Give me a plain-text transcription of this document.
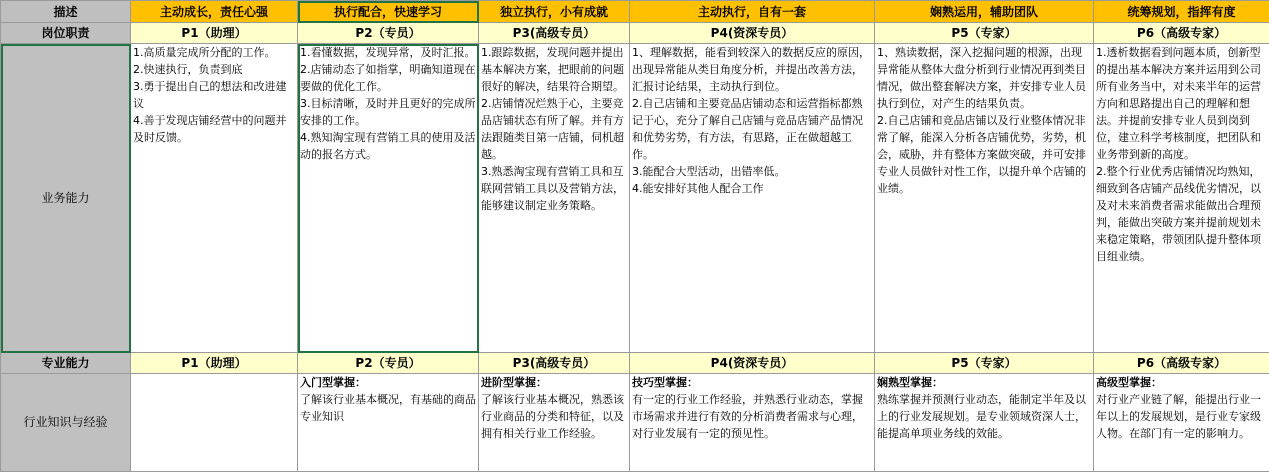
描述	主动成长，责任心强	执行配合，快速学习	独立执行，小有成就	主动执行，自有一套	娴熟运用，辅助团队	统筹规划，指挥有度
岗位职责	P1（助理）	P2（专员）	P3(高级专员）	P4(资深专员）	P5（专家）	P6（高级专家）
业务能力	1.高质量完成所分配的工作。
2.快速执行，负责到底
3.勇于提出自己的想法和改进建议
4.善于发现店铺经营中的问题并及时反馈。	1.看懂数据，发现异常，及时汇报。
2.店铺动态了如指掌，明确知道现在要做的优化工作。
3.目标清晰，及时并且更好的完成所安排的工作。
4.熟知淘宝现有营销工具的使用及活动的报名方式。	1.跟踪数据，发现问题并提出基本解决方案，把眼前的问题很好的解决，结果符合期望。
2.店铺情况烂熟于心，主要竞品店铺状态有所了解。并有方法跟随类目第一店铺，伺机超越。
3.熟悉淘宝现有营销工具和互联网营销工具以及营销方法，能够建议制定业务策略。	1、理解数据，能看到较深入的数据反应的原因，出现异常能从类目角度分析，并提出改善方法，汇报讨论结果，主动执行到位。
2.自己店铺和主要竞品店铺动态和运营指标都熟记于心，充分了解自己店铺与竞品店铺产品情况和优势劣势，有方法，有思路，正在做超越工作。
3.能配合大型活动，出错率低。
4.能安排好其他人配合工作	1、熟读数据，深入挖掘问题的根源，出现异常能从整体大盘分析到行业情况再到类目情况，做出整套解决方案，并安排专业人员执行到位，对产生的结果负责。
2.自己店铺和竞品店铺以及行业整体情况非常了解，能深入分析各店铺优势，劣势，机会，威胁，并有整体方案做突破，并可安排专业人员做针对性工作，以提升单个店铺的业绩。	1.透析数据看到问题本质，创新型的提出基本解决方案并运用到公司所有业务当中，对未来半年的运营方向和思路提出自己的理解和想法。并提前安排专业人员到岗到位，建立科学考核制度，把团队和业务带到新的高度。
2.整个行业优秀店铺情况均熟知，细致到各店铺产品线优劣情况，以及对未来消费者需求能做出合理预判，能做出突破方案并提前规划未来稳定策略，带领团队提升整体项目组业绩。

专业能力	P1（助理）	P2（专员）	P3(高级专员）	P4(资深专员）	P5（专家）	P6（高级专家）
行业知识与经验		入门型掌握：
了解该行业基本概况，有基础的商品专业知识	进阶型掌握：
了解该行业基本概况，熟悉该行业商品的分类和特征，以及拥有相关行业工作经验。	技巧型掌握：
有一定的行业工作经验，并熟悉行业动态，掌握市场需求并进行有效的分析消费者需求与心理，对行业发展有一定的预见性。	娴熟型掌握：
熟练掌握并预测行业动态，能制定半年及以上的行业发展规划。是专业领域资深人士，能提高单项业务线的效能。	高级型掌握：
对行业产业链了解，能提出行业一年以上的发展规划，是行业专家级人物。在部门有一定的影响力。
